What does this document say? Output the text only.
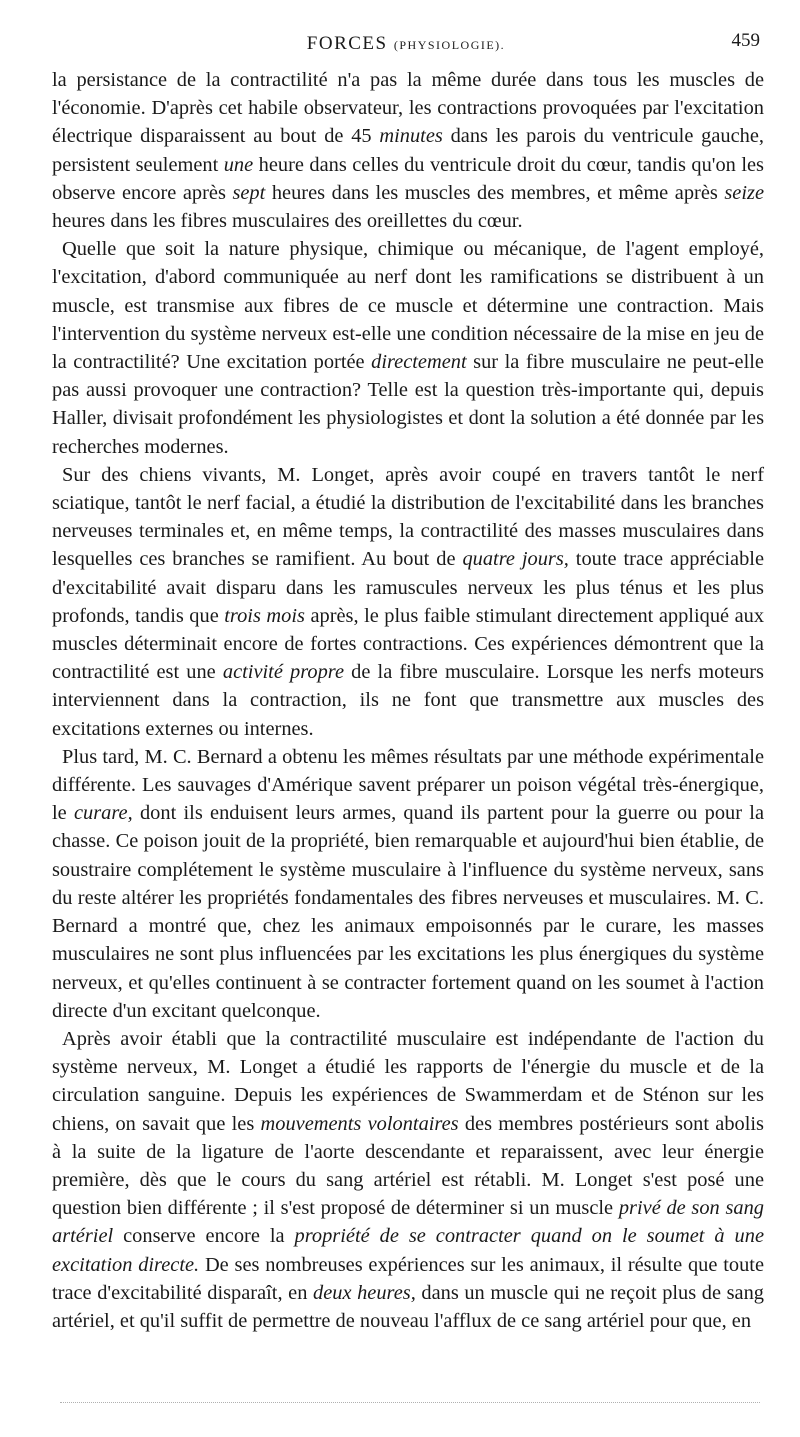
FORCES (PHYSIOLOGIE).	459

la persistance de la contractilité n'a pas la même durée dans tous les muscles de l'économie. D'après cet habile observateur, les contractions provoquées par l'excitation électrique disparaissent au bout de 45 minutes dans les parois du ventricule gauche, persistent seulement une heure dans celles du ventricule droit du cœur, tandis qu'on les observe encore après sept heures dans les muscles des membres, et même après seize heures dans les fibres musculaires des oreillettes du cœur.

Quelle que soit la nature physique, chimique ou mécanique, de l'agent employé, l'excitation, d'abord communiquée au nerf dont les ramifications se distribuent à un muscle, est transmise aux fibres de ce muscle et détermine une contraction. Mais l'intervention du système nerveux est-elle une condition nécessaire de la mise en jeu de la contractilité? Une excitation portée directement sur la fibre musculaire ne peut-elle pas aussi provoquer une contraction? Telle est la question très-importante qui, depuis Haller, divisait profondément les physiologistes et dont la solution a été donnée par les recherches modernes.

Sur des chiens vivants, M. Longet, après avoir coupé en travers tantôt le nerf sciatique, tantôt le nerf facial, a étudié la distribution de l'excitabilité dans les branches nerveuses terminales et, en même temps, la contractilité des masses musculaires dans lesquelles ces branches se ramifient. Au bout de quatre jours, toute trace appréciable d'excitabilité avait disparu dans les ramuscules nerveux les plus ténus et les plus profonds, tandis que trois mois après, le plus faible stimulant directement appliqué aux muscles déterminait encore de fortes contractions. Ces expériences démontrent que la contractilité est une activité propre de la fibre musculaire. Lorsque les nerfs moteurs interviennent dans la contraction, ils ne font que transmettre aux muscles des excitations externes ou internes.

Plus tard, M. C. Bernard a obtenu les mêmes résultats par une méthode expérimentale différente. Les sauvages d'Amérique savent préparer un poison végétal très-énergique, le curare, dont ils enduisent leurs armes, quand ils partent pour la guerre ou pour la chasse. Ce poison jouit de la propriété, bien remarquable et aujourd'hui bien établie, de soustraire complétement le système musculaire à l'influence du système nerveux, sans du reste altérer les propriétés fondamentales des fibres nerveuses et musculaires. M. C. Bernard a montré que, chez les animaux empoisonnés par le curare, les masses musculaires ne sont plus influencées par les excitations les plus énergiques du système nerveux, et qu'elles continuent à se contracter fortement quand on les soumet à l'action directe d'un excitant quelconque.

Après avoir établi que la contractilité musculaire est indépendante de l'action du système nerveux, M. Longet a étudié les rapports de l'énergie du muscle et de la circulation sanguine. Depuis les expériences de Swammerdam et de Sténon sur les chiens, on savait que les mouvements volontaires des membres postérieurs sont abolis à la suite de la ligature de l'aorte descendante et reparaissent, avec leur énergie première, dès que le cours du sang artériel est rétabli. M. Longet s'est posé une question bien différente ; il s'est proposé de déterminer si un muscle privé de son sang artériel conserve encore la propriété de se contracter quand on le soumet à une excitation directe. De ses nombreuses expériences sur les animaux, il résulte que toute trace d'excitabilité disparaît, en deux heures, dans un muscle qui ne reçoit plus de sang artériel, et qu'il suffit de permettre de nouveau l'afflux de ce sang artériel pour que, en
